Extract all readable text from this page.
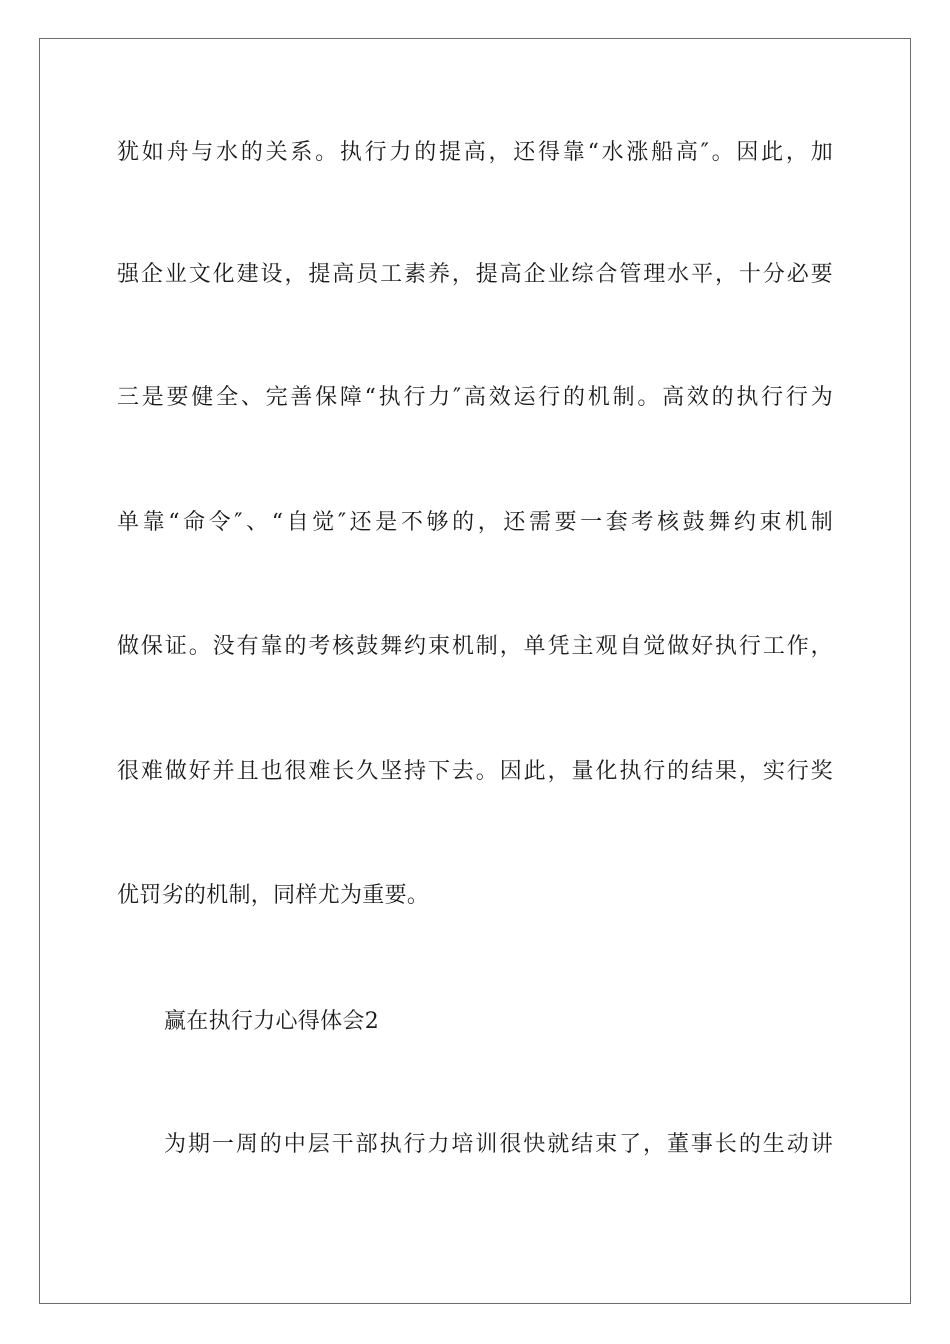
犹如舟与水的关系。执行力的提高，还得靠“水涨船高″。因此，加
强企业文化建设，提高员工素养，提高企业综合管理水平，十分必要
三是要健全、完善保障“执行力″高效运行的机制。高效的执行行为
单靠“命令″、“自觉″还是不够的，还需要一套考核鼓舞约束机制
做保证。没有靠的考核鼓舞约束机制，单凭主观自觉做好执行工作，
很难做好并且也很难长久坚持下去。因此，量化执行的结果，实行奖
优罚劣的机制，同样尤为重要。
赢在执行力心得体会2
为期一周的中层干部执行力培训很快就结束了，董事长的生动讲
